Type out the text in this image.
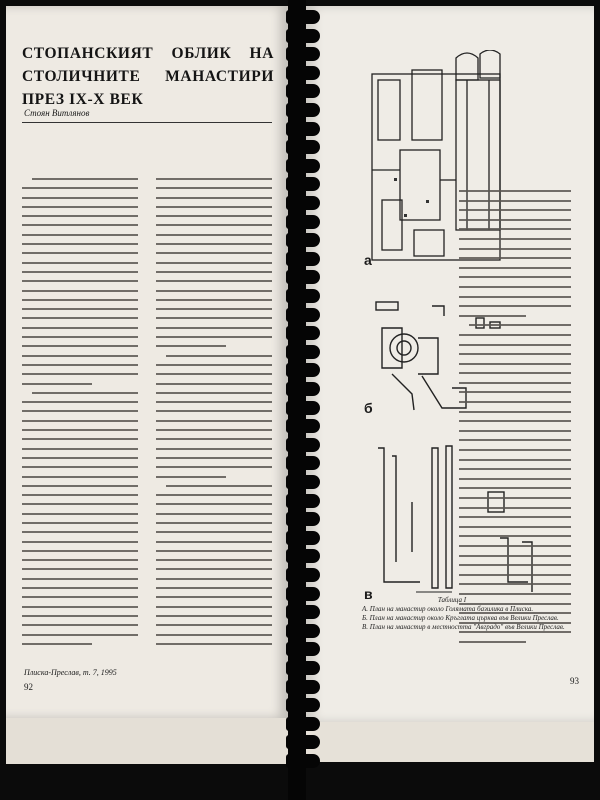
СТОПАНСКИЯТ ОБЛИК НА СТОЛИЧНИТЕ МАНАСТИРИ ПРЕЗ IX-X ВЕК
Стоян Витлянов
Плиска-Преслав, т. 7, 1995
92
а
б
в	Таблица I
А. План на манастир около Голямата базилика в Плиска.
Б. План на манастир около Кръглата църква във Велики Преслав.
В. План на манастир в местността "Авградо" във Велики Преслав.
93
